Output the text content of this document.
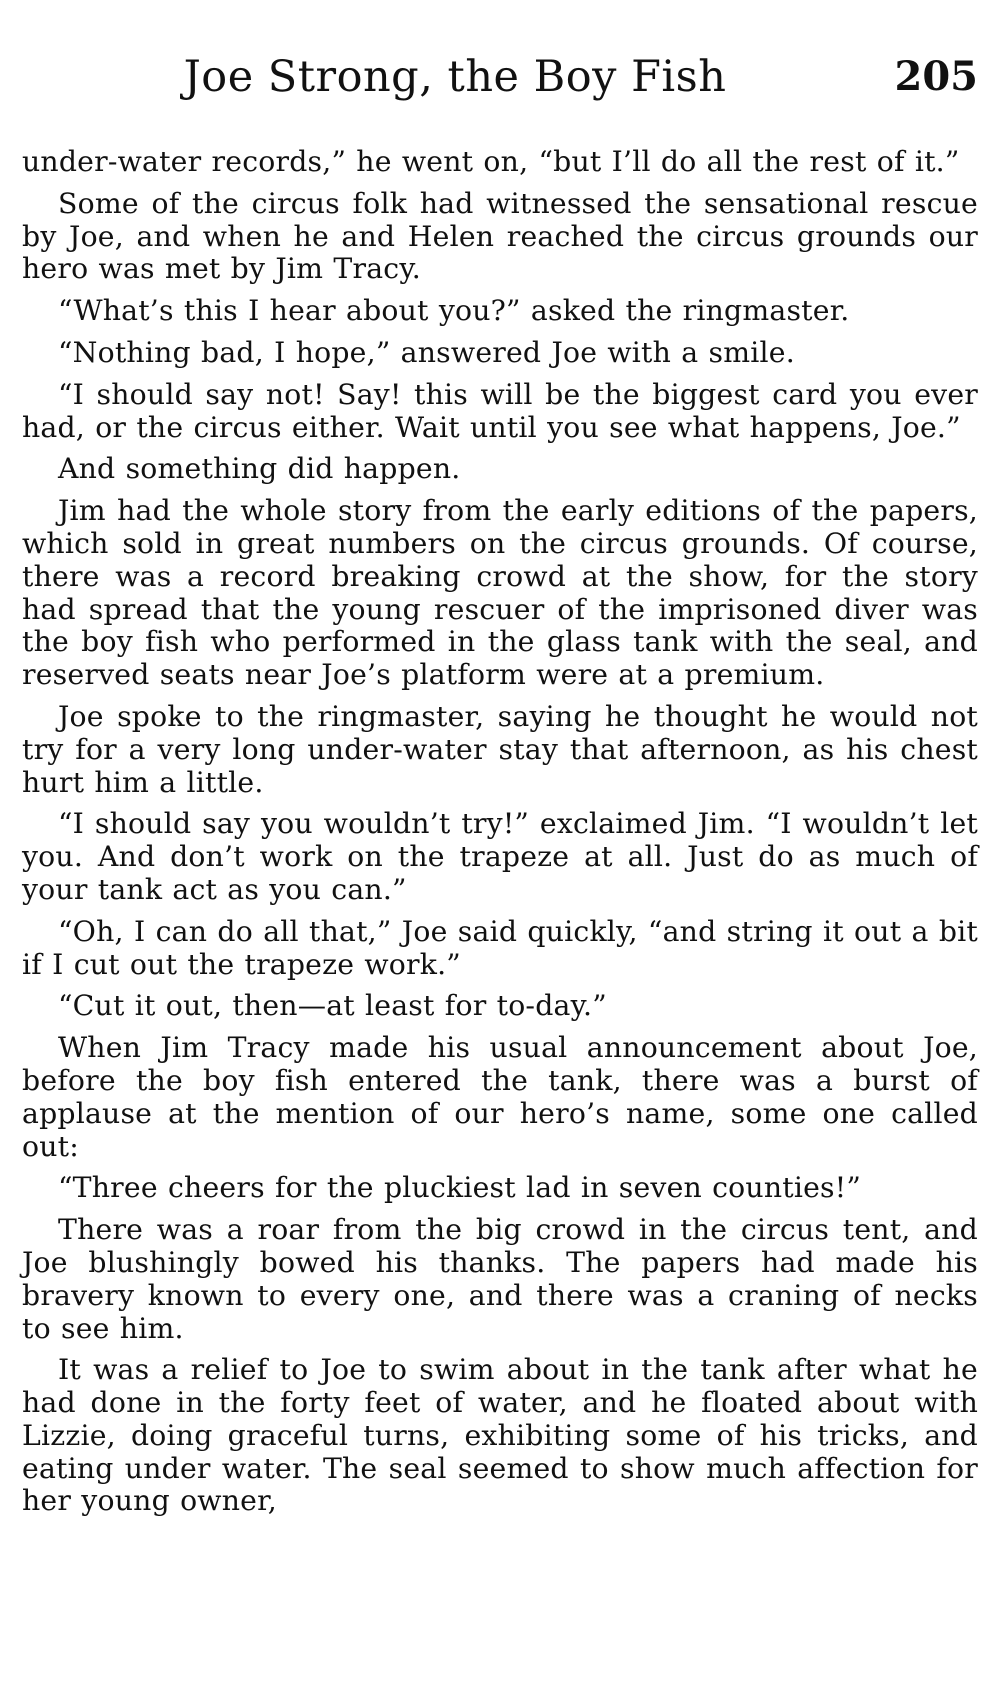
Joe Strong, the Boy Fish	205

under-water records,” he went on, “but I’ll do all the rest of it.”

Some of the circus folk had witnessed the sensational rescue by Joe, and when he and Helen reached the circus grounds our hero was met by Jim Tracy.

“What’s this I hear about you?” asked the ringmaster.

“Nothing bad, I hope,” answered Joe with a smile.

“I should say not! Say! this will be the biggest card you ever had, or the circus either. Wait until you see what happens, Joe.”

And something did happen.

Jim had the whole story from the early editions of the papers, which sold in great numbers on the circus grounds. Of course, there was a record breaking crowd at the show, for the story had spread that the young rescuer of the imprisoned diver was the boy fish who performed in the glass tank with the seal, and reserved seats near Joe’s platform were at a premium.

Joe spoke to the ringmaster, saying he thought he would not try for a very long under-water stay that afternoon, as his chest hurt him a little.

“I should say you wouldn’t try!” exclaimed Jim. “I wouldn’t let you. And don’t work on the trapeze at all. Just do as much of your tank act as you can.”

“Oh, I can do all that,” Joe said quickly, “and string it out a bit if I cut out the trapeze work.”

“Cut it out, then—at least for to-day.”

When Jim Tracy made his usual announcement about Joe, before the boy fish entered the tank, there was a burst of applause at the mention of our hero’s name, some one called out:

“Three cheers for the pluckiest lad in seven counties!”

There was a roar from the big crowd in the circus tent, and Joe blushingly bowed his thanks. The papers had made his bravery known to every one, and there was a craning of necks to see him.

It was a relief to Joe to swim about in the tank after what he had done in the forty feet of water, and he floated about with Lizzie, doing graceful turns, exhibiting some of his tricks, and eating under water. The seal seemed to show much affection for her young owner,
